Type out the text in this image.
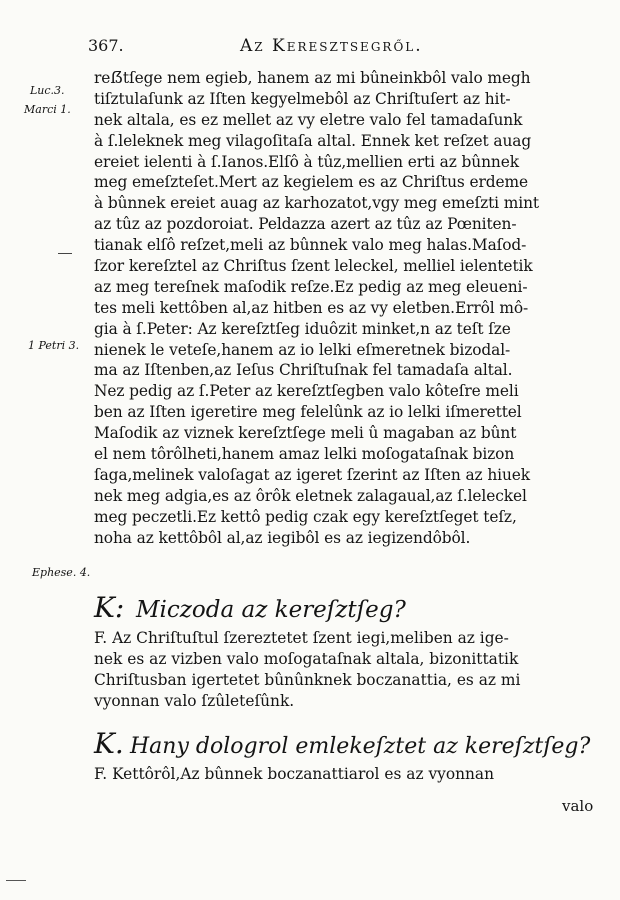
367.	Az Keresztsegről.
Luc.3.
Marci 1.
1 Petri 3.
Ephese. 4.
reẞtſege nem egieb, hanem az mi bûneinkbôl valo megh
tiſztulaſunk az Iſten kegyelmebôl az Chriſtuſert az hit-
nek altala, es ez mellet az vy eletre valo fel tamadaſunk
à ſ.leleknek meg vilagoſitaſa altal. Ennek ket reſzet auag
ereiet ielenti à ſ.Ianos.Elſô à tûz,mellien erti az bûnnek
meg emeſzteſet.Mert az kegielem es az Chriſtus erdeme
à bûnnek ereiet auag az karhozatot,vgy meg emeſzti mint
az tûz az pozdoroiat. Peldazza azert az tûz az Pœniten-
tianak elſô reſzet,meli az bûnnek valo meg halas.Maſod-
ſzor kereſztel az Chriſtus ſzent leleckel, melliel ielentetik
az meg tereſnek maſodik reſze.Ez pedig az meg eleueni-
tes meli kettôben al,az hitben es az vy eletben.Errôl mô-
gia à ſ.Peter: Az kereſztſeg iduôzit minket,n az teſt ſze
nienek le veteſe,hanem az io lelki eſmeretnek bizodal-
ma az Iſtenben,az Ieſus Chriſtuſnak fel tamadaſa altal.
Nez pedig az ſ.Peter az kereſztſegben valo kôteſre meli
ben az Iſten igeretire meg felelûnk az io lelki iſmerettel
Maſodik az viznek kereſztſege meli û magaban az bûnt
el nem tôrôlheti,hanem amaz lelki moſogataſnak bizon
ſaga,melinek valoſagat az igeret ſzerint az Iſten az hiuek
nek meg adgia,es az ôrôk eletnek zalagaual,az ſ.leleckel
meg peczetli.Ez kettô pedig czak egy kereſztſeget teſz,
noha az kettôbôl al,az iegibôl es az iegizendôbôl.
K: Miczoda az kereſztſeg?
F. Az Chriſtuſtul ſzereztetet ſzent iegi,meliben az ige-
nek es az vizben valo moſogataſnak altala, bizonittatik
Chriſtusban igertetet bûnûnknek boczanattia, es az mi
vyonnan valo ſzûleteſûnk.
K. Hany dologrol emlekeſztet az kereſztſeg?
F. Kettôrôl,Az bûnnek boczanattiarol es az vyonnan
valo
